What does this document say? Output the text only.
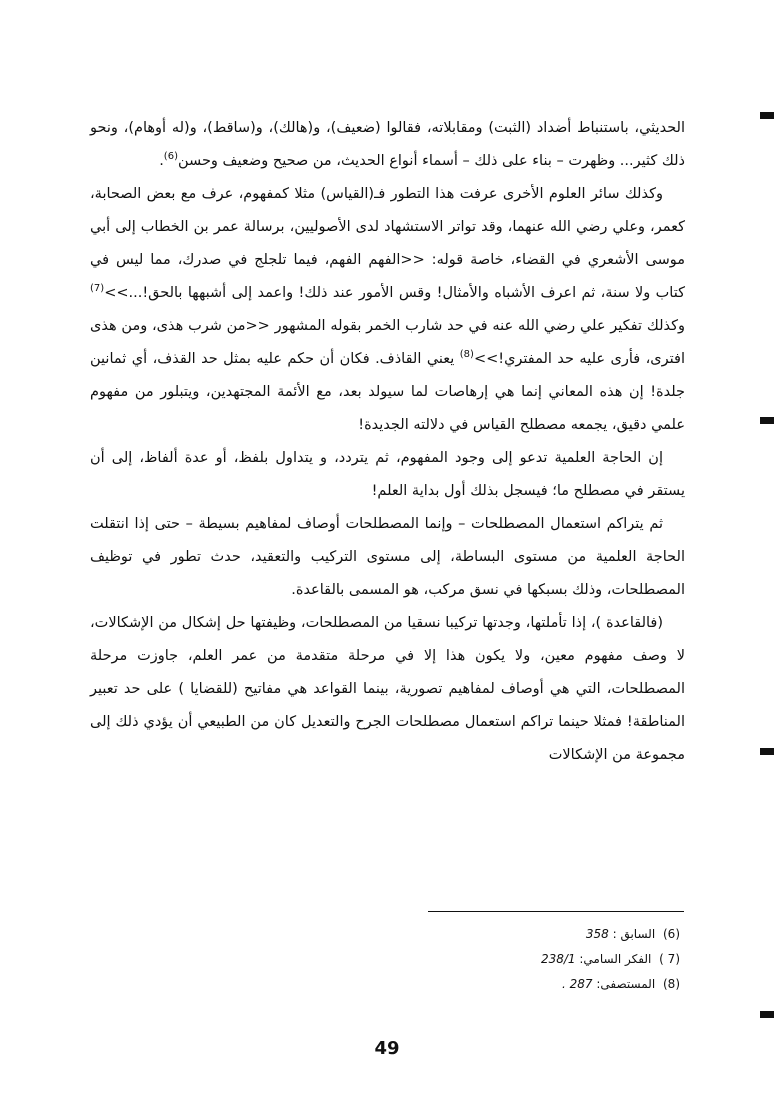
الحديثي، باستنباط أضداد (الثبت) ومقابلاته، فقالوا (ضعيف)، و(هالك)، و(ساقط)، و(له أوهام)، ونحو ذلك كثير... وظهرت – بناء على ذلك – أسماء أنواع الحديث، من صحيح وضعيف وحسن$^{(6)}$.

وكذلك سائر العلوم الأخرى عرفت هذا التطور فـ(القياس) مثلا كمفهوم، عرف مع بعض الصحابة، كعمر، وعلي رضي الله عنهما، وقد تواتر الاستشهاد لدى الأصوليين، برسالة عمر بن الخطاب إلى أبي موسى الأشعري في القضاء، خاصة قوله: <<الفهم الفهم، فيما تلجلج في صدرك، مما ليس في كتاب ولا سنة، ثم اعرف الأشباه والأمثال! وقس الأمور عند ذلك! واعمد إلى أشبهها بالحق!...>>$^{(7)}$ وكذلك تفكير علي رضي الله عنه في حد شارب الخمر بقوله المشهور <<من شرب هذى، ومن هذى افترى، فأرى عليه حد المفتري!>>$^{(8)}$ يعني القاذف. فكان أن حكم عليه بمثل حد القذف، أي ثمانين جلدة! إن هذه المعاني إنما هي إرهاصات لما سيولد بعد، مع الأئمة المجتهدين، ويتبلور من مفهوم علمي دقيق، يجمعه مصطلح القياس في دلالته الجديدة!

إن الحاجة العلمية تدعو إلى وجود المفهوم، ثم يتردد، و يتداول بلفظ، أو عدة ألفاظ، إلى أن يستقر في مصطلح ما؛ فيسجل بذلك أول بداية العلم!

ثم يتراكم استعمال المصطلحات – وإنما المصطلحات أوصاف لمفاهيم بسيطة – حتى إذا انتقلت الحاجة العلمية من مستوى البساطة، إلى مستوى التركيب والتعقيد، حدث تطور في توظيف المصطلحات، وذلك بسبكها في نسق مركب، هو المسمى بالقاعدة.

(فالقاعدة )، إذا تأملتها، وجدتها تركيبا نسقيا من المصطلحات، وظيفتها حل إشكال من الإشكالات، لا وصف مفهوم معين، ولا يكون هذا إلا في مرحلة متقدمة من عمر العلم، جاوزت مرحلة المصطلحات، التي هي أوصاف لمفاهيم تصورية، بينما القواعد هي مفاتيح (للقضايا ) على حد تعبير المناطقة! فمثلا حينما تراكم استعمال مصطلحات الجرح والتعديل كان من الطبيعي أن يؤدي ذلك إلى مجموعة من الإشكالات

(6) السابق : 358
(7 ) الفكر السامي: 238/1
(8) المستصفى: 287 .
49
